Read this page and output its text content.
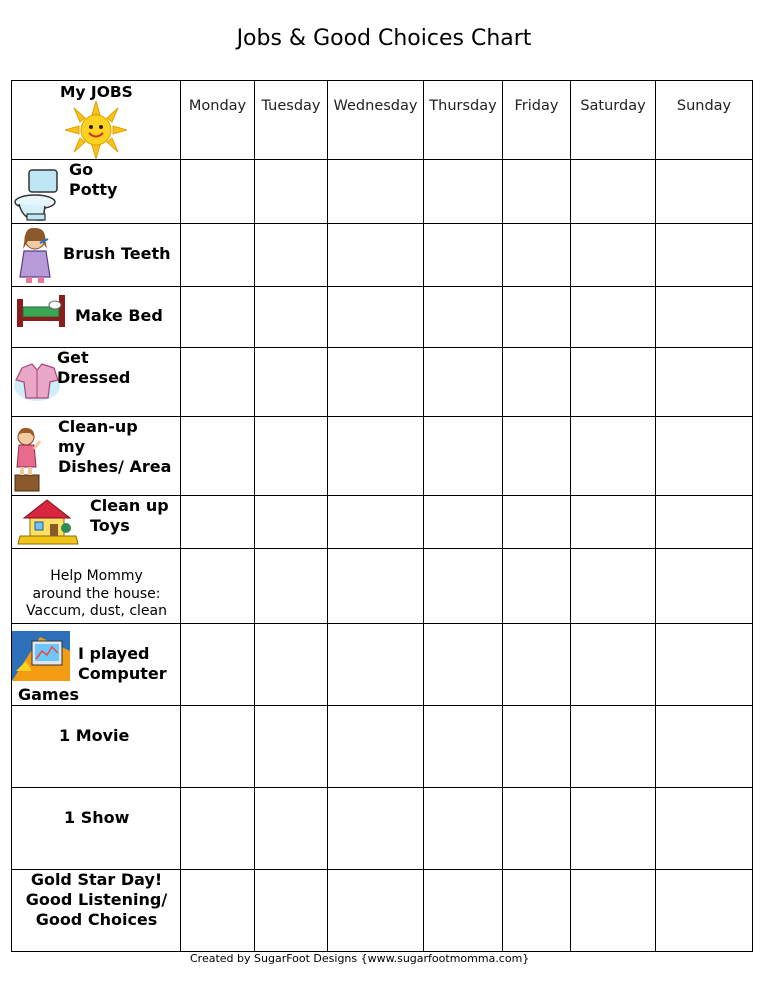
Jobs & Good Choices Chart
My JOBS	Monday	Tuesday	Wednesday	Thursday	Friday	Saturday	Sunday

Go
Potty							

Brush Teeth							

Make Bed							

Get
Dressed							

Clean-up
my
Dishes/ Area							

Clean up
Toys							

Help Mommy
around the house:
Vaccum, dust, clean							

I played
Computer
Games							

1 Movie							

1 Show							

Gold Star Day!
Good Listening/
Good Choices							

Created by SugarFoot Designs {www.sugarfootmomma.com}
